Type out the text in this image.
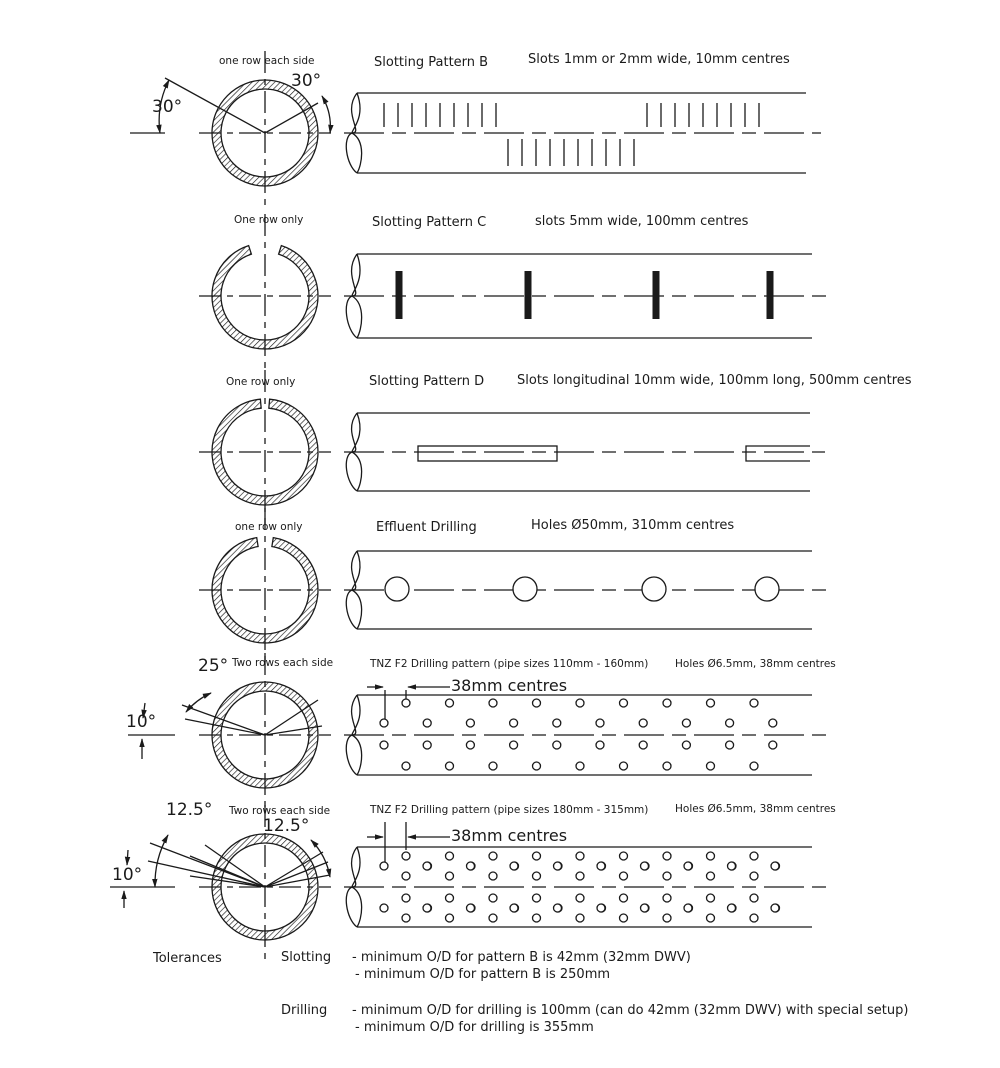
one row each side	Slotting Pattern B	Slots 1mm or 2mm wide, 10mm centres
30°
30°
One row only	Slotting Pattern C	slots 5mm wide, 100mm centres
One row only	Slotting Pattern D	Slots longitudinal 10mm wide, 100mm long, 500mm centres
one row only	Effluent Drilling	Holes Ø50mm, 310mm centres
Two rows each side	TNZ F2 Drilling pattern (pipe sizes 110mm - 160mm)	Holes Ø6.5mm, 38mm centres
38mm centres
25°
10°
Two rows each side	TNZ F2 Drilling pattern (pipe sizes 180mm - 315mm)	Holes Ø6.5mm, 38mm centres
38mm centres
12.5°
12.5°
10°
Tolerances	Slotting - minimum O/D for pattern B is 42mm (32mm DWV)
- minimum O/D for pattern B is 250mm
Drilling - minimum O/D for drilling is 100mm (can do 42mm (32mm DWV) with special setup)
- minimum O/D for drilling is 355mm
